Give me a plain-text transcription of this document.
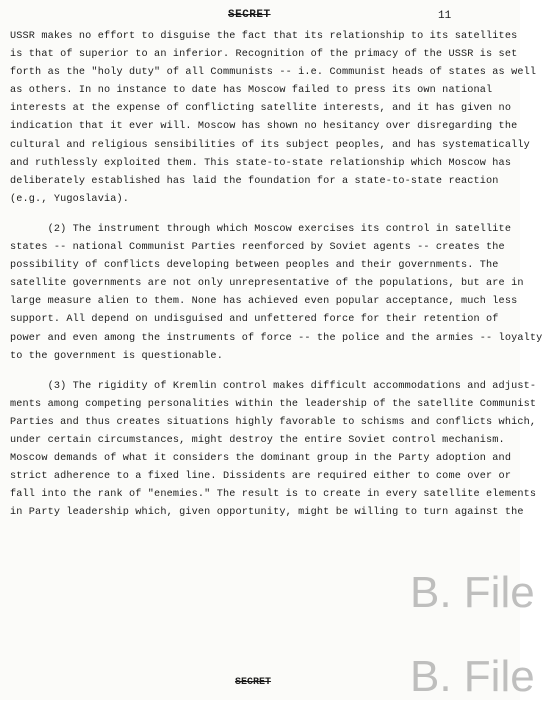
SECRET	11
USSR makes no effort to disguise the fact that its relationship to its satellites
is that of superior to an inferior. Recognition of the primacy of the USSR is set
forth as the "holy duty" of all Communists -- i.e. Communist heads of states as well
as others. In no instance to date has Moscow failed to press its own national
interests at the expense of conflicting satellite interests, and it has given no
indication that it ever will. Moscow has shown no hesitancy over disregarding the
cultural and religious sensibilities of its subject peoples, and has systematically
and ruthlessly exploited them. This state-to-state relationship which Moscow has
deliberately established has laid the foundation for a state-to-state reaction
(e.g., Yugoslavia).
(2) The instrument through which Moscow exercises its control in satellite
states -- national Communist Parties reenforced by Soviet agents -- creates the
possibility of conflicts developing between peoples and their governments. The
satellite governments are not only unrepresentative of the populations, but are in
large measure alien to them. None has achieved even popular acceptance, much less
support. All depend on undisguised and unfettered force for their retention of
power and even among the instruments of force -- the police and the armies -- loyalty
to the government is questionable.
(3) The rigidity of Kremlin control makes difficult accommodations and adjust-
ments among competing personalities within the leadership of the satellite Communist
Parties and thus creates situations highly favorable to schisms and conflicts which,
under certain circumstances, might destroy the entire Soviet control mechanism.
Moscow demands of what it considers the dominant group in the Party adoption and
strict adherence to a fixed line. Dissidents are required either to come over or
fall into the rank of "enemies." The result is to create in every satellite elements
in Party leadership which, given opportunity, might be willing to turn against the
SECRET
B. File
B. File
